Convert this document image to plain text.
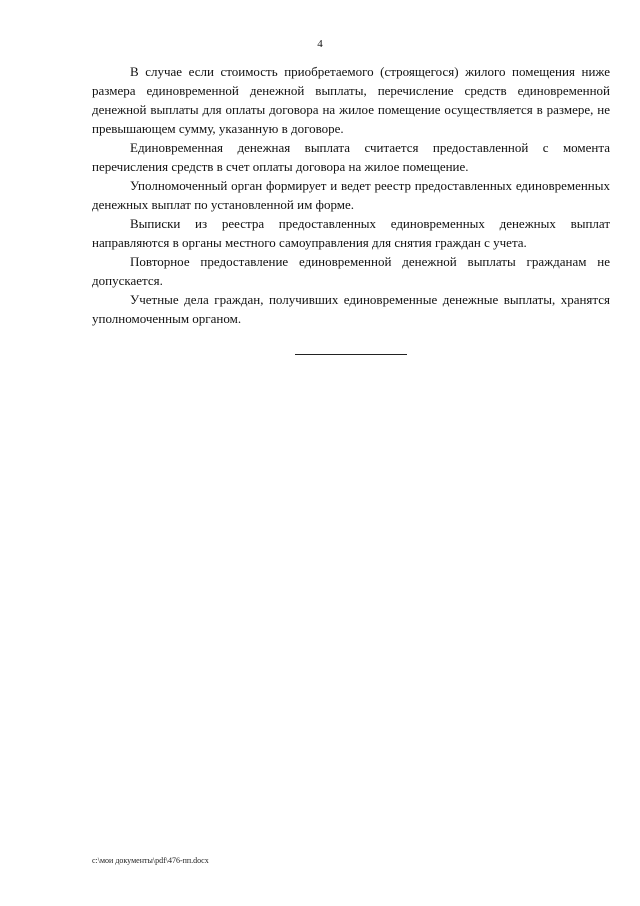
4

В случае если стоимость приобретаемого (строящегося) жилого помещения ниже размера единовременной денежной выплаты, перечисление средств единовременной денежной выплаты для оплаты договора на жилое помещение осуществляется в размере, не превышающем сумму, указанную в договоре.

Единовременная денежная выплата считается предоставленной с момента перечисления средств в счет оплаты договора на жилое помещение.

Уполномоченный орган формирует и ведет реестр предоставленных единовременных денежных выплат по установленной им форме.

Выписки из реестра предоставленных единовременных денежных выплат направляются в органы местного самоуправления для снятия граждан с учета.

Повторное предоставление единовременной денежной выплаты гражданам не допускается.

Учетные дела граждан, получивших единовременные денежные выплаты, хранятся уполномоченным органом.

c:\мои документы\pdf\476-пп.docx
